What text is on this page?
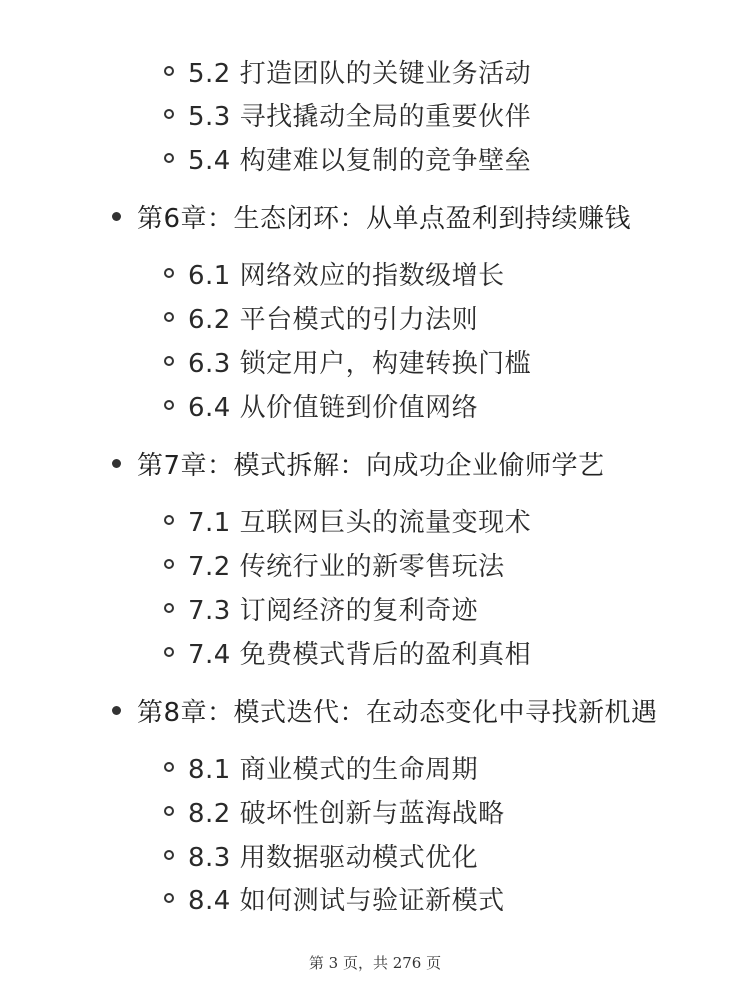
5.2 打造团队的关键业务活动
5.3 寻找撬动全局的重要伙伴
5.4 构建难以复制的竞争壁垒
第6章：生态闭环：从单点盈利到持续赚钱
6.1 网络效应的指数级增长
6.2 平台模式的引力法则
6.3 锁定用户，构建转换门槛
6.4 从价值链到价值网络
第7章：模式拆解：向成功企业偷师学艺
7.1 互联网巨头的流量变现术
7.2 传统行业的新零售玩法
7.3 订阅经济的复利奇迹
7.4 免费模式背后的盈利真相
第8章：模式迭代：在动态变化中寻找新机遇
8.1 商业模式的生命周期
8.2 破坏性创新与蓝海战略
8.3 用数据驱动模式优化
8.4 如何测试与验证新模式
第 3 页，共 276 页
